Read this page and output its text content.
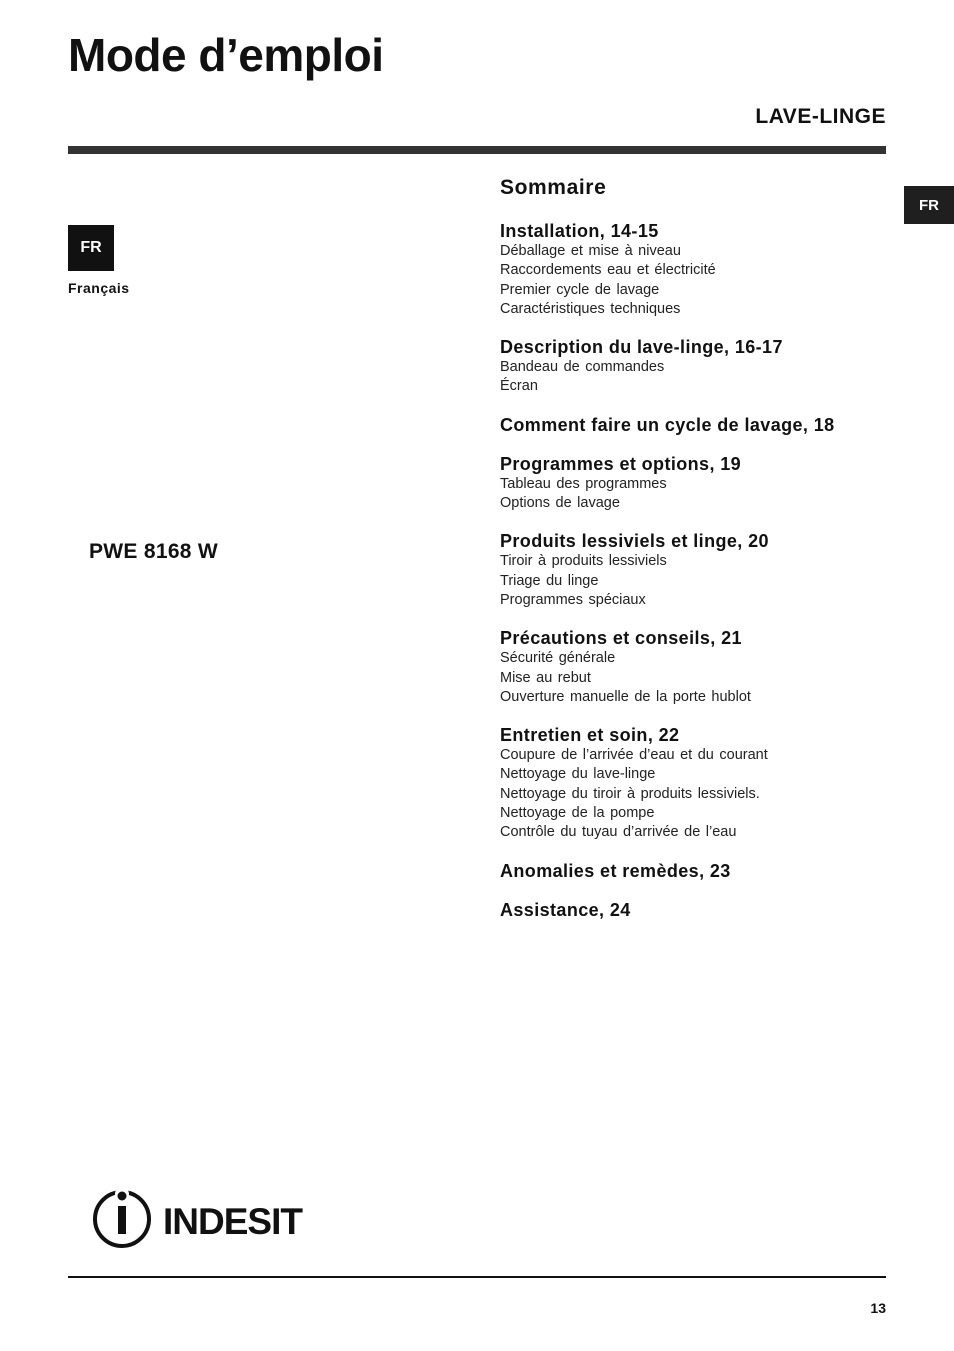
Mode d’emploi
LAVE-LINGE
FR
FR
Français
PWE 8168 W
Sommaire
Installation, 14-15
Déballage et mise à niveau
Raccordements eau et électricité
Premier cycle de lavage
Caractéristiques techniques
Description du lave-linge, 16-17
Bandeau de commandes
Écran
Comment faire un cycle de lavage, 18
Programmes et options, 19
Tableau des programmes
Options de lavage
Produits lessiviels et linge, 20
Tiroir à produits lessiviels
Triage du linge
Programmes spéciaux
Précautions et conseils, 21
Sécurité générale
Mise au rebut
Ouverture manuelle de la porte hublot
Entretien et soin, 22
Coupure de l’arrivée d’eau et du courant
Nettoyage du lave-linge
Nettoyage du tiroir à produits lessiviels.
Nettoyage de la pompe
Contrôle du tuyau d’arrivée de l’eau
Anomalies et remèdes, 23
Assistance, 24
INDESIT
13
